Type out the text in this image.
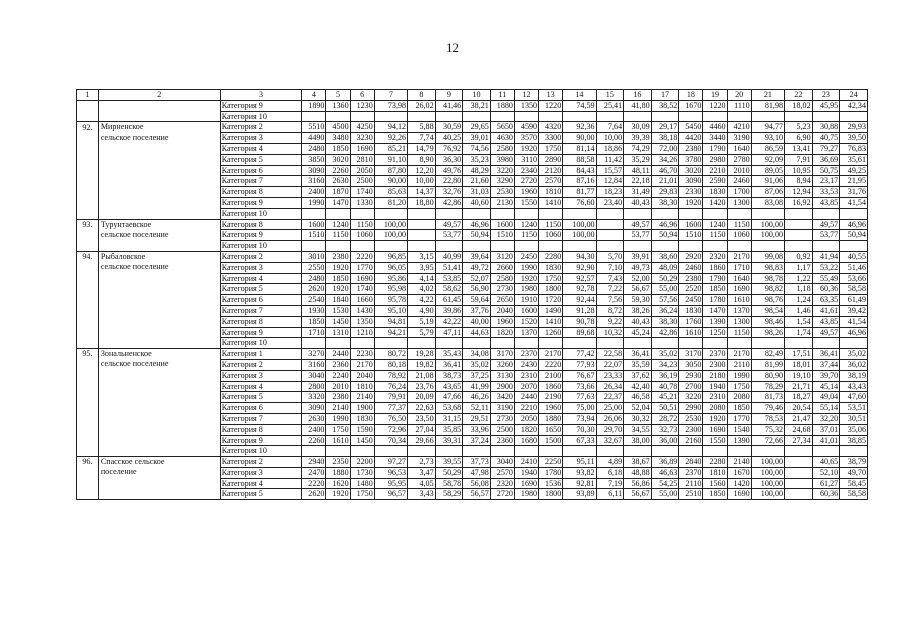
12
1	2	3	4	5	6	7	8	9	10	11	12	13	14	15	16	17	18	19	20	21	22	23	24
		Категория 9	1890	1360	1230	73,98	26,02	41,46	38,21	1880	1350	1220	74,59	25,41	41,80	38,52	1670	1220	1110	81,98	18,02	45,95	42,34
		Категория 10																					
92.	Мирненское	Категория 2	5510	4500	4250	94,12	5,88	30,59	29,65	5650	4590	4320	92,36	7,64	30,09	29,17	5450	4460	4210	94,77	5,23	30,88	29,93
	сельское поселение	Категория 3	4490	3480	3230	92,26	7,74	40,25	39,01	4630	3570	3300	90,00	10,00	39,39	38,18	4420	3440	3190	93,10	6,90	40,75	39,50
		Категория 4	2480	1850	1690	85,21	14,79	76,92	74,56	2580	1920	1750	81,14	18,86	74,29	72,00	2380	1790	1640	86,59	13,41	79,27	76,83
		Категория 5	3850	3020	2810	91,10	8,90	36,30	35,23	3980	3110	2890	88,58	11,42	35,29	34,26	3780	2980	2780	92,09	7,91	36,69	35,61
		Категория 6	3090	2260	2050	87,80	12,20	49,76	48,29	3220	2340	2120	84,43	15,57	48,11	46,70	3020	2210	2010	89,05	10,95	50,75	49,25
		Категория 7	3160	2630	2500	90,00	10,00	22,80	21,60	3290	2720	2570	87,16	12,84	22,18	21,01	3090	2590	2460	91,06	8,94	23,17	21,95
		Категория 8	2400	1870	1740	85,63	14,37	32,76	31,03	2530	1960	1810	81,77	18,23	31,49	29,83	2330	1830	1700	87,06	12,94	33,53	31,76
		Категория 9	1990	1470	1330	81,20	18,80	42,86	40,60	2130	1550	1410	76,60	23,40	40,43	38,30	1920	1420	1300	83,08	16,92	43,85	41,54
		Категория 10																					
93.	Турунтаевское	Категория 8	1600	1240	1150	100,00		49,57	46,96	1600	1240	1150	100,00		49,57	46,96	1600	1240	1150	100,00		49,57	46,96
	сельское поселение	Категория 9	1510	1150	1060	100,00		53,77	50,94	1510	1150	1060	100,00		53,77	50,94	1510	1150	1060	100,00		53,77	50,94
		Категория 10																					
94.	Рыбаловское	Категория 2	3010	2380	2220	96,85	3,15	40,99	39,64	3120	2450	2280	94,30	5,70	39,91	38,60	2920	2320	2170	99,08	0,92	41,94	40,55
	сельское поселение	Категория 3	2550	1920	1770	96,05	3,95	51,41	49,72	2660	1990	1830	92,90	7,10	49,73	48,09	2460	1860	1710	98,83	1,17	53,22	51,46
		Категория 4	2480	1850	1690	95,86	4,14	53,85	52,07	2580	1920	1750	92,57	7,43	52,00	50,29	2380	1790	1640	98,78	1,22	55,49	53,66
		Категория 5	2620	1920	1740	95,98	4,02	58,62	56,90	2730	1980	1800	92,78	7,22	56,67	55,00	2520	1850	1690	98,82	1,18	60,36	58,58
		Категория 6	2540	1840	1660	95,78	4,22	61,45	59,64	2650	1910	1720	92,44	7,56	59,30	57,56	2450	1780	1610	98,76	1,24	63,35	61,49
		Категория 7	1930	1530	1430	95,10	4,90	39,86	37,76	2040	1600	1490	91,28	8,72	38,26	36,24	1830	1470	1370	98,54	1,46	41,61	39,42
		Категория 8	1850	1450	1350	94,81	5,19	42,22	40,00	1960	1520	1410	90,78	9,22	40,43	38,30	1760	1390	1300	98,46	1,54	43,85	41,54
		Категория 9	1710	1310	1210	94,21	5,79	47,11	44,63	1820	1370	1260	89,68	10,32	45,24	42,86	1610	1250	1150	98,26	1,74	49,57	46,96
		Категория 10																					
95.	Зональненское	Категория 1	3270	2440	2230	80,72	19,28	35,43	34,08	3170	2370	2170	77,42	22,58	36,41	35,02	3170	2370	2170	82,49	17,51	36,41	35,02
	сельское поселение	Категория 2	3160	2360	2170	80,18	19,82	36,41	35,02	3260	2430	2220	77,93	22,07	35,59	34,23	3050	2300	2110	81,99	18,01	37,44	36,02
		Категория 3	3040	2240	2040	78,92	21,08	38,73	37,25	3130	2310	2100	76,67	23,33	37,62	36,19	2930	2180	1990	80,90	19,10	39,70	38,19
		Категория 4	2800	2010	1810	76,24	23,76	43,65	41,99	2900	2070	1860	73,66	26,34	42,40	40,78	2700	1940	1750	78,29	21,71	45,14	43,43
		Категория 5	3320	2380	2140	79,91	20,09	47,66	46,26	3420	2440	2190	77,63	22,37	46,58	45,21	3220	2310	2080	81,73	18,27	49,04	47,60
		Категория 6	3090	2140	1900	77,37	22,63	53,68	52,11	3190	2210	1960	75,00	25,00	52,04	50,51	2990	2080	1850	79,46	20,54	55,14	53,51
		Категория 7	2630	1990	1830	76,50	23,50	31,15	29,51	2730	2050	1880	73,94	26,06	30,32	28,72	2530	1920	1770	78,53	21,47	32,20	30,51
		Категория 8	2400	1750	1590	72,96	27,04	35,85	33,96	2500	1820	1650	70,30	29,70	34,55	32,73	2300	1690	1540	75,32	24,68	37,01	35,06
		Категория 9	2260	1610	1450	70,34	29,66	39,31	37,24	2360	1680	1500	67,33	32,67	38,00	36,00	2160	1550	1390	72,66	27,34	41,01	38,85
		Категория 10																					
96.	Спасское сельское	Категория 2	2940	2350	2200	97,27	2,73	39,55	37,73	3040	2410	2250	95,11	4,89	38,67	36,89	2840	2280	2140	100,00		40,65	38,79
	поселение	Категория 3	2470	1880	1730	96,53	3,47	50,29	47,98	2570	1940	1780	93,82	6,18	48,88	46,63	2370	1810	1670	100,00		52,10	49,70
		Категория 4	2220	1620	1480	95,95	4,05	58,78	56,08	2320	1690	1536	92,81	7,19	56,86	54,25	2110	1560	1420	100,00		61,27	58,45
		Категория 5	2620	1920	1750	96,57	3,43	58,29	56,57	2720	1980	1800	93,89	6,11	56,67	55,00	2510	1850	1690	100,00		60,36	58,58
